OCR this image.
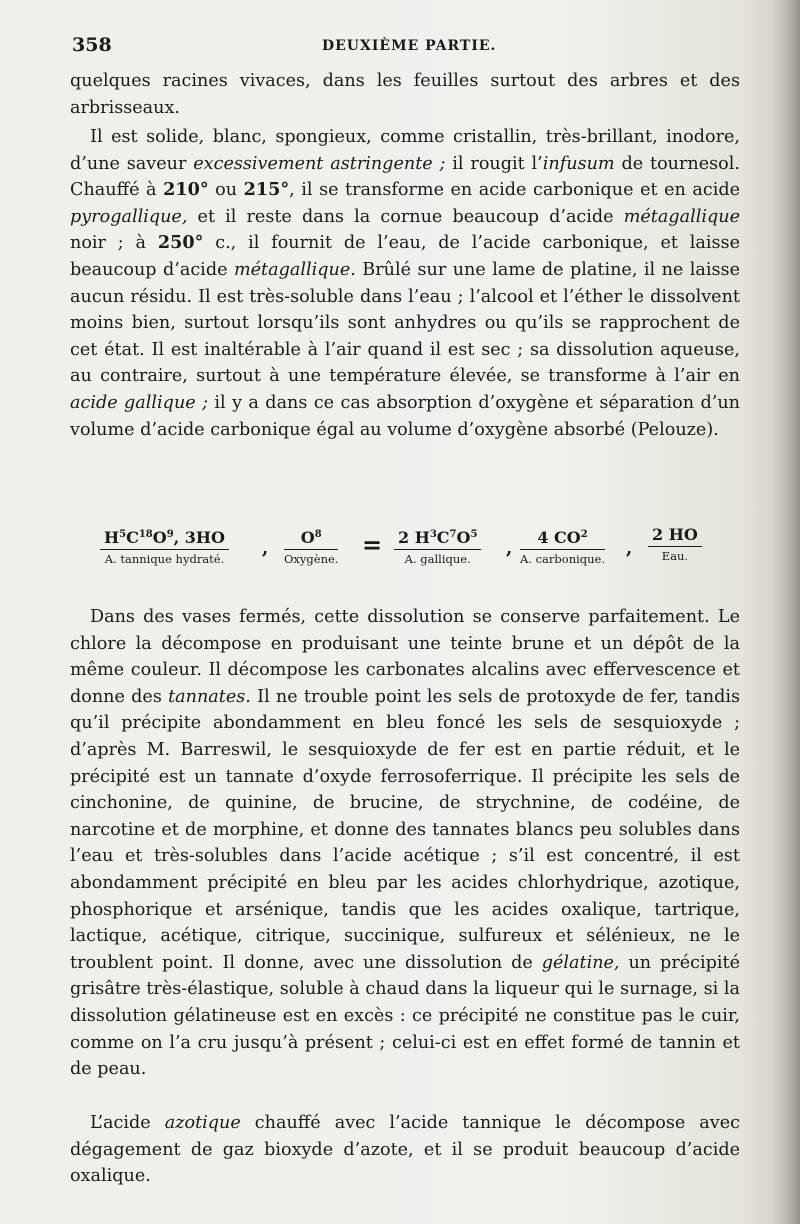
358	DEUXIÈME PARTIE.

quelques racines vivaces, dans les feuilles surtout des arbres et des arbrisseaux.

Il est solide, blanc, spongieux, comme cristallin, très-brillant, inodore, d’une saveur excessivement astringente ; il rougit l’infusum de tournesol. Chauffé à 210° ou 215°, il se transforme en acide carbonique et en acide pyrogallique, et il reste dans la cornue beaucoup d’acide métagallique noir ; à 250° c., il fournit de l’eau, de l’acide carbonique, et laisse beaucoup d’acide métagallique. Brûlé sur une lame de platine, il ne laisse aucun résidu. Il est très-soluble dans l’eau ; l’alcool et l’éther le dissolvent moins bien, surtout lorsqu’ils sont anhydres ou qu’ils se rapprochent de cet état. Il est inaltérable à l’air quand il est sec ; sa dissolution aqueuse, au contraire, surtout à une température élevée, se transforme à l’air en acide gallique ; il y a dans ce cas absorption d’oxygène et séparation d’un volume d’acide carbonique égal au volume d’oxygène absorbé (Pelouze).

$H^5C^{18}O^9$, 3HO
A. tannique hydraté. ,
$O^8$
Oxygène. = 2 $H^3C^7O^5$
A. gallique.	,
4 $CO^2$
A. carbonique. ,
2 HO
Eau.

Dans des vases fermés, cette dissolution se conserve parfaitement. Le chlore la décompose en produisant une teinte brune et un dépôt de la même couleur. Il décompose les carbonates alcalins avec effervescence et donne des tannates. Il ne trouble point les sels de protoxyde de fer, tandis qu’il précipite abondamment en bleu foncé les sels de sesquioxyde ; d’après M. Barreswil, le sesquioxyde de fer est en partie réduit, et le précipité est un tannate d’oxyde ferrosoferrique. Il précipite les sels de cinchonine, de quinine, de brucine, de strychnine, de codéine, de narcotine et de morphine, et donne des tannates blancs peu solubles dans l’eau et très-solubles dans l’acide acétique ; s’il est concentré, il est abondamment précipité en bleu par les acides chlorhydrique, azotique, phosphorique et arsénique, tandis que les acides oxalique, tartrique, lactique, acétique, citrique, succinique, sulfureux et sélénieux, ne le troublent point. Il donne, avec une dissolution de gélatine, un précipité grisâtre très-élastique, soluble à chaud dans la liqueur qui le surnage, si la dissolution gélatineuse est en excès : ce précipité ne constitue pas le cuir, comme on l’a cru jusqu’à présent ; celui-ci est en effet formé de tannin et de peau.

L’acide azotique chauffé avec l’acide tannique le décompose avec dégagement de gaz bioxyde d’azote, et il se produit beaucoup d’acide oxalique.
